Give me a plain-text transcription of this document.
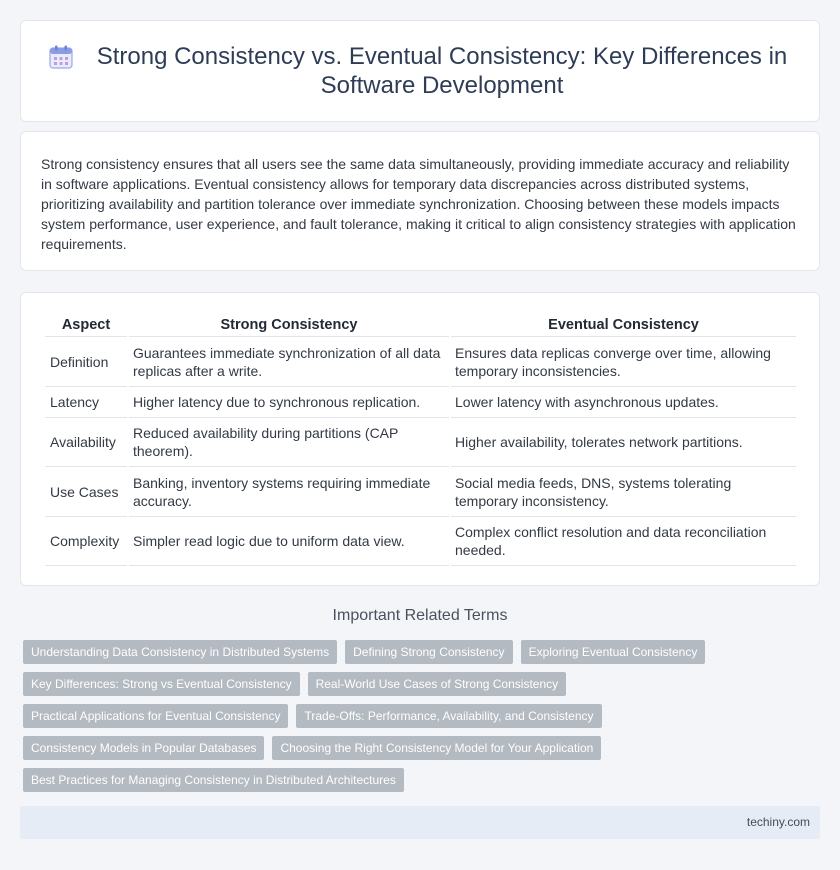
Strong Consistency vs. Eventual Consistency: Key Differences in Software Development

Strong consistency ensures that all users see the same data simultaneously, providing immediate accuracy and reliability in software applications. Eventual consistency allows for temporary data discrepancies across distributed systems, prioritizing availability and partition tolerance over immediate synchronization. Choosing between these models impacts system performance, user experience, and fault tolerance, making it critical to align consistency strategies with application requirements.

Aspect	Strong Consistency	Eventual Consistency
Definition	Guarantees immediate synchronization of all data replicas after a write.	Ensures data replicas converge over time, allowing temporary inconsistencies.
Latency	Higher latency due to synchronous replication.	Lower latency with asynchronous updates.
Availability	Reduced availability during partitions (CAP theorem).	Higher availability, tolerates network partitions.
Use Cases	Banking, inventory systems requiring immediate accuracy.	Social media feeds, DNS, systems tolerating temporary inconsistency.
Complexity	Simpler read logic due to uniform data view.	Complex conflict resolution and data reconciliation needed.
Important Related Terms
Understanding Data Consistency in Distributed Systems	Defining Strong Consistency	Exploring Eventual Consistency
Key Differences: Strong vs Eventual Consistency	Real-World Use Cases of Strong Consistency
Practical Applications for Eventual Consistency	Trade-Offs: Performance, Availability, and Consistency
Consistency Models in Popular Databases	Choosing the Right Consistency Model for Your Application
Best Practices for Managing Consistency in Distributed Architectures
techiny.com
